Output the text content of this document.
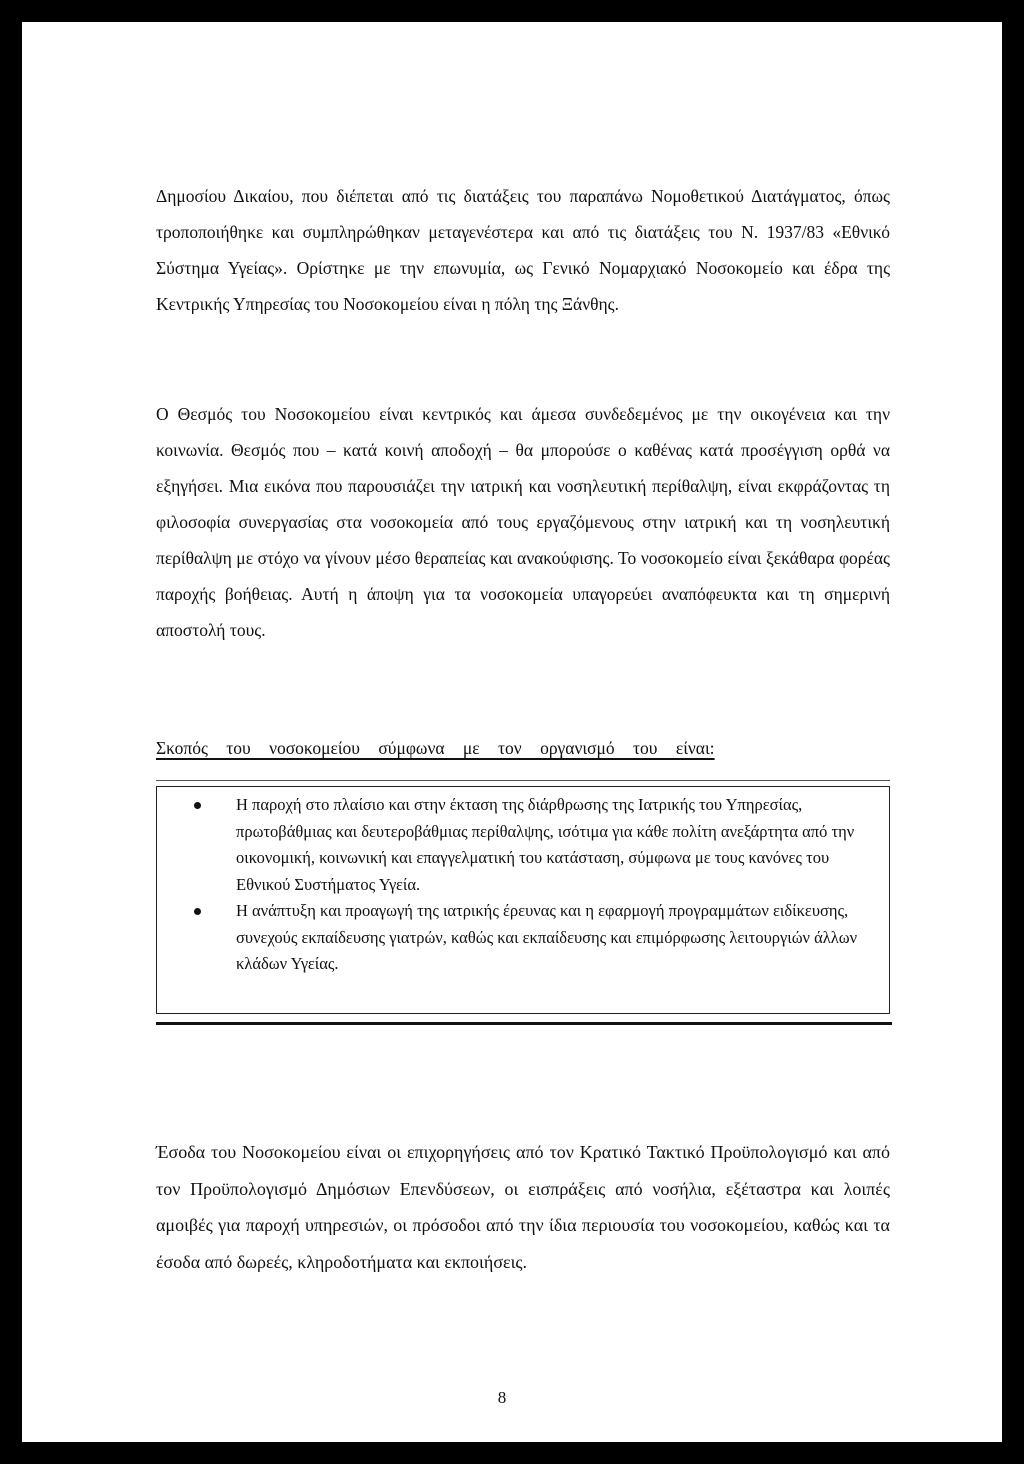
Δημοσίου Δικαίου, που διέπεται από τις διατάξεις του παραπάνω Νομοθετικού Διατάγματος, όπως τροποποιήθηκε και συμπληρώθηκαν μεταγενέστερα και από τις διατάξεις του Ν. 1937/83 «Εθνικό Σύστημα Υγείας». Ορίστηκε με την επωνυμία, ως Γενικό Νομαρχιακό Νοσοκομείο και έδρα της Κεντρικής Υπηρεσίας του Νοσοκομείου είναι η πόλη της Ξάνθης.

Ο Θεσμός του Νοσοκομείου είναι κεντρικός και άμεσα συνδεδεμένος με την οικογένεια και την κοινωνία. Θεσμός που – κατά κοινή αποδοχή – θα μπορούσε ο καθένας κατά προσέγγιση ορθά να εξηγήσει. Μια εικόνα που παρουσιάζει την ιατρική και νοσηλευτική περίθαλψη, είναι εκφράζοντας τη φιλοσοφία συνεργασίας στα νοσοκομεία από τους εργαζόμενους στην ιατρική και τη νοσηλευτική περίθαλψη με στόχο να γίνουν μέσο θεραπείας και ανακούφισης. Το νοσοκομείο είναι ξεκάθαρα φορέας παροχής βοήθειας. Αυτή η άποψη για τα νοσοκομεία υπαγορεύει αναπόφευκτα και τη σημερινή αποστολή τους.

Σκοπός του νοσοκομείου σύμφωνα με τον οργανισμό του είναι:

Η παροχή στο πλαίσιο και στην έκταση της διάρθρωσης της Ιατρικής του Υπηρεσίας, πρωτοβάθμιας και δευτεροβάθμιας περίθαλψης, ισότιμα για κάθε πολίτη ανεξάρτητα από την οικονομική, κοινωνική και επαγγελματική του κατάσταση, σύμφωνα με τους κανόνες του Εθνικού Συστήματος Υγεία.
Η ανάπτυξη και προαγωγή της ιατρικής έρευνας και η εφαρμογή προγραμμάτων ειδίκευσης, συνεχούς εκπαίδευσης γιατρών, καθώς και εκπαίδευσης και επιμόρφωσης λειτουργιών άλλων κλάδων Υγείας.

Έσοδα του Νοσοκομείου είναι οι επιχορηγήσεις από τον Κρατικό Τακτικό Προϋπολογισμό και από τον Προϋπολογισμό Δημόσιων Επενδύσεων, οι εισπράξεις από νοσήλια, εξέταστρα και λοιπές αμοιβές για παροχή υπηρεσιών, οι πρόσοδοι από την ίδια περιουσία του νοσοκομείου, καθώς και τα έσοδα από δωρεές, κληροδοτήματα και εκποιήσεις.

8
